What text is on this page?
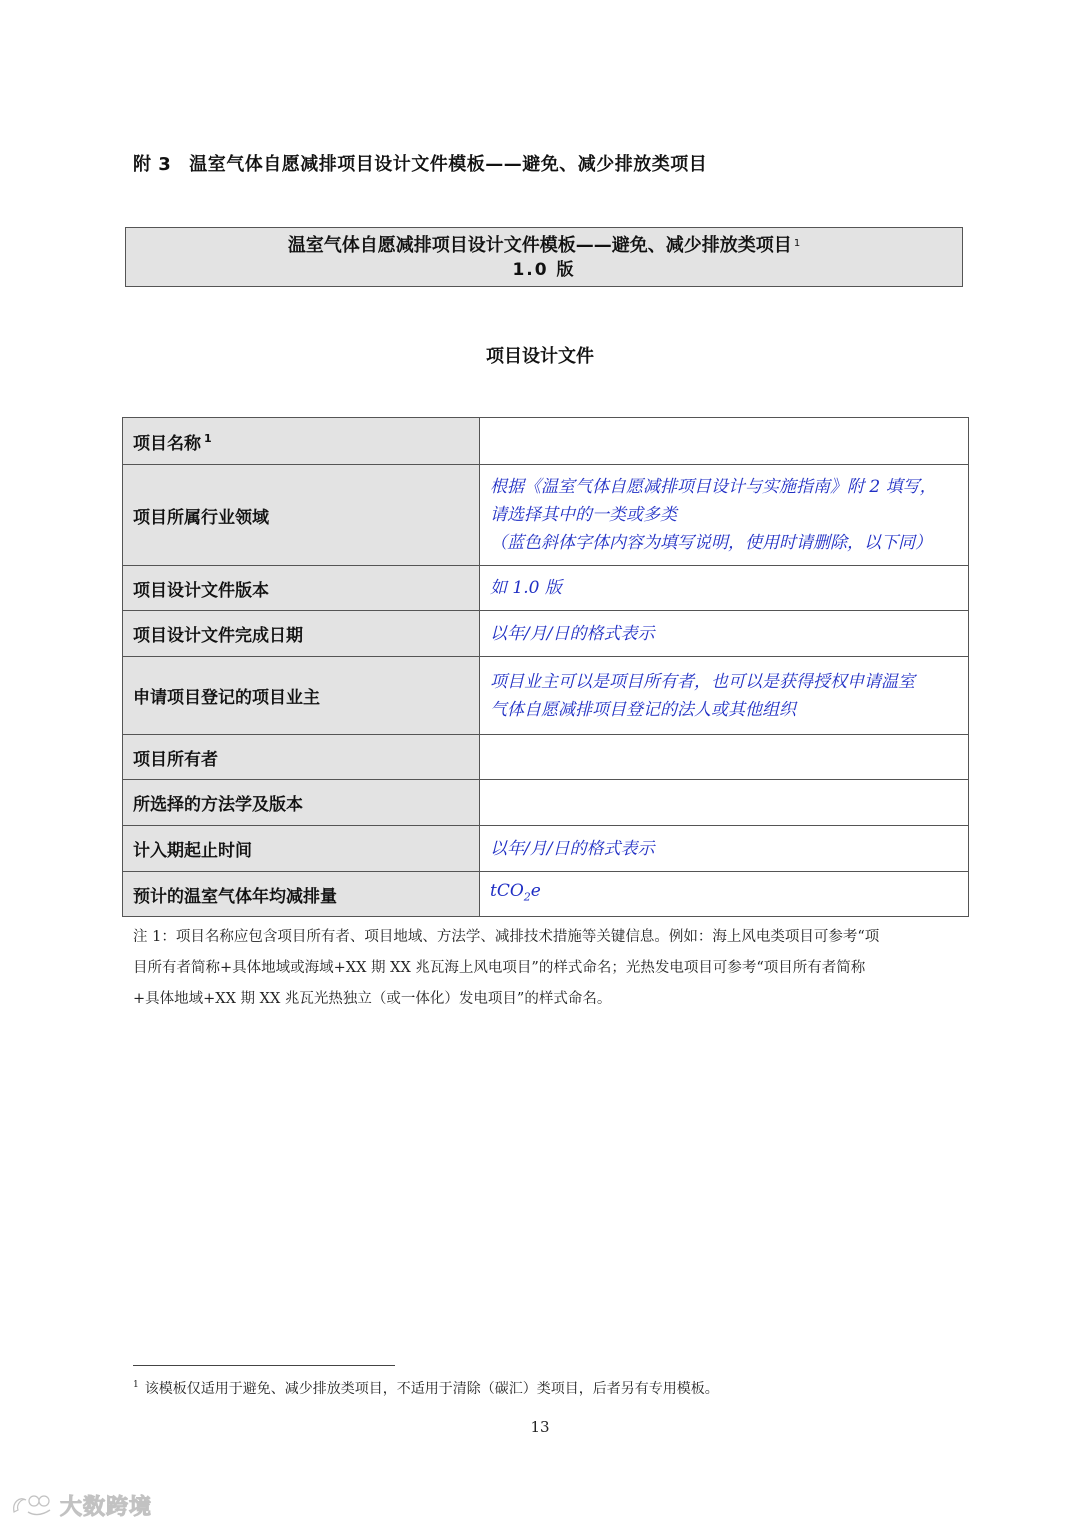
附 3 温室气体自愿减排项目设计文件模板——避免、减少排放类项目
温室气体自愿减排项目设计文件模板——避免、减少排放类项目 $^1$
1.0 版
项目设计文件
项目名称 $^1$	
项目所属行业领域	根据《温室气体自愿减排项目设计与实施指南》附 2 填写，
请选择其中的一类或多类
（蓝色斜体字体内容为填写说明，使用时请删除，以下同）

项目设计文件版本	如 1.0 版

项目设计文件完成日期	以年/月/日的格式表示

申请项目登记的项目业主	项目业主可以是项目所有者，也可以是获得授权申请温室
气体自愿减排项目登记的法人或其他组织

项目所有者	
所选择的方法学及版本	
计入期起止时间	以年/月/日的格式表示

预计的温室气体年均减排量	tCO$_2$e
注 1：项目名称应包含项目所有者、项目地域、方法学、减排技术措施等关键信息。例如：海上风电类项目可参考“项
目所有者简称+具体地域或海域+XX 期 XX 兆瓦海上风电项目”的样式命名；光热发电项目可参考“项目所有者简称
+具体地域+XX 期 XX 兆瓦光热独立（或一体化）发电项目”的样式命名。
$^1$ 该模板仅适用于避免、减少排放类项目，不适用于清除（碳汇）类项目，后者另有专用模板。
13
大数跨境
